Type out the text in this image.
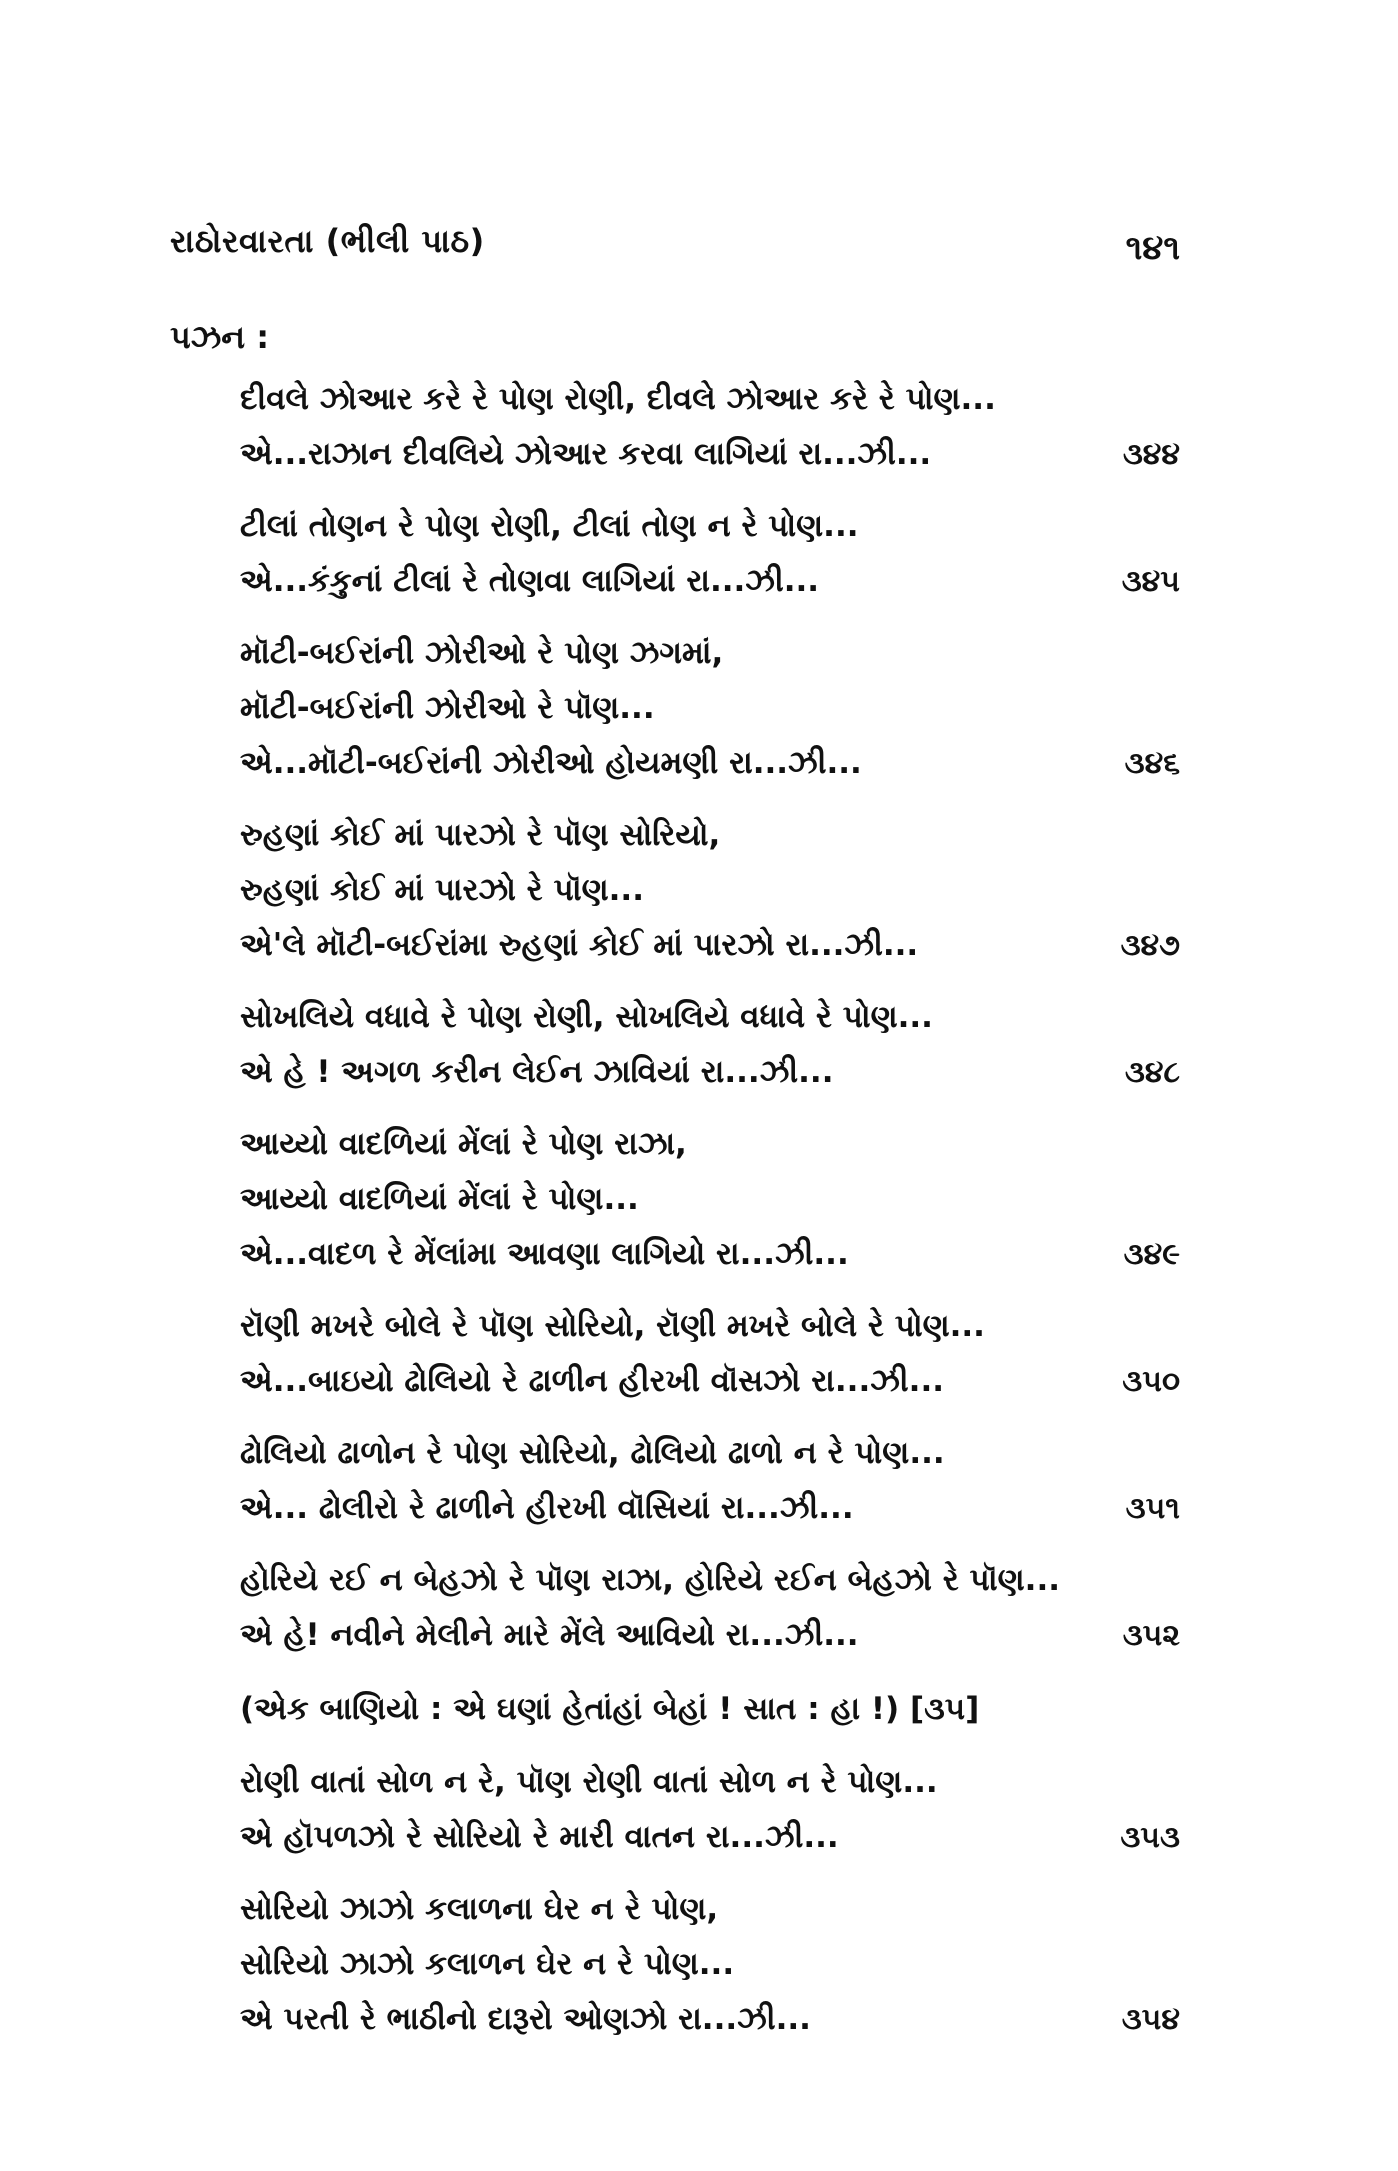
રાઠોરવારતા (ભીલી પાઠ)	૧૪૧
પઝન :
દીવલે ઝોઆર કરે રે પોણ રોણી, દીવલે ઝોઆર કરે રે પોણ...
એ...રાઝાન દીવલિયે ઝોઆર કરવા લાગિયાં રા...ઝી...	૩૪૪
ટીલાં તોણન રે પોણ રોણી, ટીલાં તોણ ન રે પોણ...
એ...કંકુનાં ટીલાં રે તોણવા લાગિયાં રા...ઝી...	૩૪૫
મૉટી-બઈરાંની ઝોરીઓ રે પોણ ઝગમાં,
મૉટી-બઈરાંની ઝોરીઓ રે પૉણ...
એ...મૉટી-બઈરાંની ઝોરીઓ હોયમણી રા...ઝી...	૩૪૬
રુહણાં કોઈ માં પારઝો રે પૉણ સોરિયો,
રુહણાં કોઈ માં પારઝો રે પૉણ...
એ'લે મૉટી-બઈરાંમા રુહણાં કોઈ માં પારઝો રા...ઝી...	૩૪૭
સોખલિયે વધાવે રે પોણ રોણી, સોખલિયે વધાવે રે પોણ...
એ હે ! અગળ કરીન લેઈન ઝાવિયાં રા...ઝી...	૩૪૮
આય્યો વાદળિયાં મેંલાં રે પોણ રાઝા,
આય્યો વાદળિયાં મેંલાં રે પોણ...
એ...વાદળ રે મેંલાંમા આવણા લાગિયો રા...ઝી...	૩૪૯
રૉણી મખરે બોલે રે પૉણ સોરિયો, રૉણી મખરે બોલે રે પોણ...
એ...બાઇયો ઢોલિયો રે ઢાળીન હીરખી વૉસઝો રા...ઝી...	૩૫૦
ઢોલિયો ઢાળોન રે પોણ સોરિયો, ઢોલિયો ઢાળો ન રે પોણ...
એ... ઢોલીરો રે ઢાળીને હીરખી વૉસિયાં રા...ઝી...	૩૫૧
હોરિયે રઈ ન બેહઝો રે પૉણ રાઝા, હોરિયે રઈન બેહઝો રે પૉણ...
એ હે! નવીને મેલીને મારે મેંલે આવિયો રા...ઝી...	૩૫૨
(એક બાણિયો : એ ઘણાં હેતાંહાં બેહાં ! સાત : હા !) [૩૫]
રોણી વાતાં સોળ ન રે, પૉણ રોણી વાતાં સોળ ન રે પોણ...
એ હૉપળઝો રે સોરિયો રે મારી વાતન રા...ઝી...	૩૫૩
સોરિયો ઝાઝો કલાળના ઘેર ન રે પોણ,
સોરિયો ઝાઝો કલાળન ઘેર ન રે પોણ...
એ પરતી રે ભાઠીનો દારૂરો ઓણઝો રા...ઝી...	૩૫૪
